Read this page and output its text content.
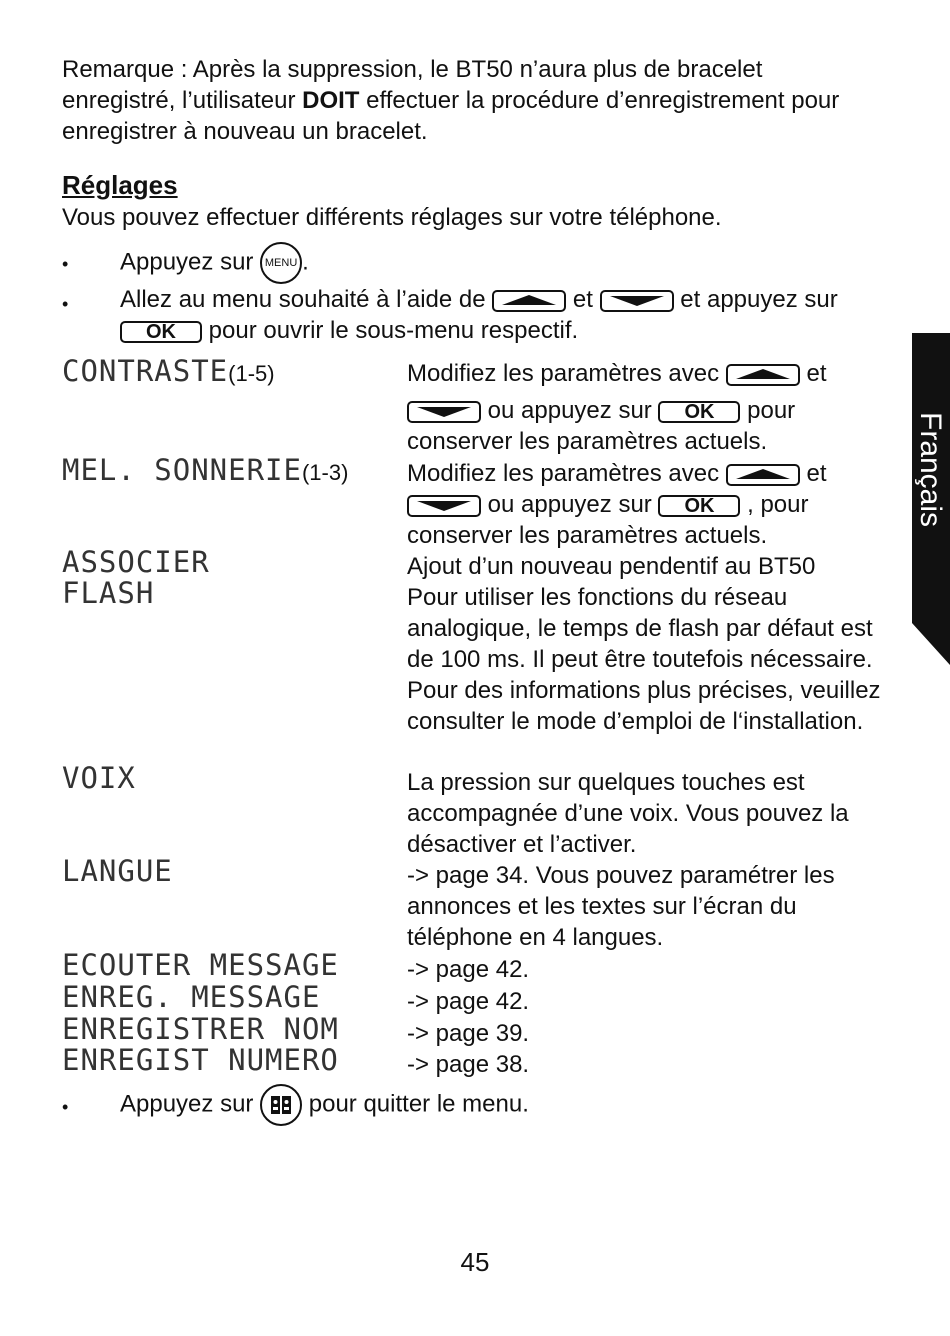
Remarque : Après la suppression, le BT50 n’aura plus de bracelet enregistré, l’utilisateur DOIT effectuer la procédure d’enregistrement pour enregistrer à nouveau un bracelet.
Réglages
Vous pouvez effectuer différents réglages sur votre téléphone.
• Appuyez sur MENU .
• Allez au menu souhaité à l’aide de	et	et appuyez sur
OK pour ouvrir le sous-menu respectif.
CONTRASTE(1-5)	Modifiez les paramètres avec	et
ou appuyez sur OK pour
conserver les paramètres actuels.
MEL. SONNERIE(1-3) Modifiez les paramètres avec	et
ou appuyez sur OK , pour
conserver les paramètres actuels.
ASSOCIER	Ajout d’un nouveau pendentif au BT50
FLASH	Pour utiliser les fonctions du réseau analogique, le temps de flash par défaut est de 100 ms. Il peut être toutefois nécessaire. Pour des informations plus précises, veuillez consulter le mode d’emploi de l‘installation.
VOIX	La pression sur quelques touches est accompagnée d’une voix. Vous pouvez la désactiver et l’activer.
LANGUE	-> page 34. Vous pouvez paramétrer les annonces et les textes sur l’écran du téléphone en 4 langues.
ECOUTER MESSAGE	-> page 42.
ENREG. MESSAGE	-> page 42.
ENREGISTRER NOM	-> page 39.
ENREGIST NUMERO	-> page 38.
• Appuyez sur pour quitter le menu.
Français
45
